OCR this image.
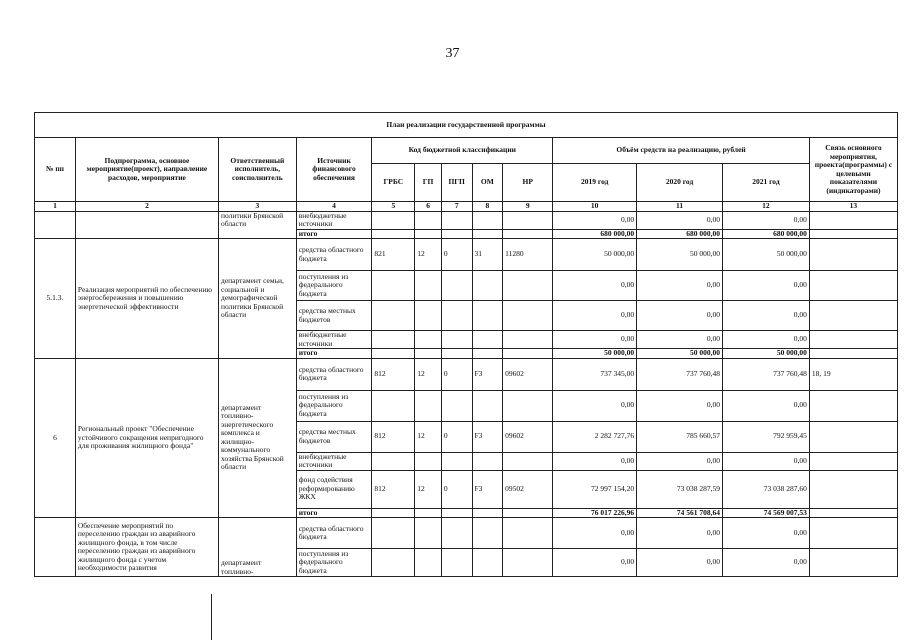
37
План реализации государственной программы												
№ пп	Подпрограмма, основное мероприятие(проект), направление расходов, мероприятие	Ответственный исполнитель, соисполнитель	Источник финансового обеспечения	Код бюджетной классификации					Объём средств на реализацию, рублей			Связь основного мероприятия, проекта(программы) с целевыми показателями (индикаторами)
				ГРБС	ГП	ПГП	ОМ	НР	2019 год	2020 год	2021 год	
1	2	3	4	5	6	7	8	9	10	11	12	13
		политики Брянской области	внебюджетные источники						0,00	0,00	0,00	
			итого						680 000,00	680 000,00	680 000,00	
5.1.3.	Реализация мероприятий по обеспечению энергосбережения и повышению энергетической эффективности	департамент семьи, социальной и демографической политики Брянской области	средства областного бюджета	821	12	0	31	11280	50 000,00	50 000,00	50 000,00	
			поступления из федерального бюджета						0,00	0,00	0,00	
			средства местных бюджетов						0,00	0,00	0,00	
			внебюджетные источники						0,00	0,00	0,00	
			итого						50 000,00	50 000,00	50 000,00	
6	Региональный проект "Обеспечение устойчивого сокращения непригодного для проживания жилищного фонда"	департамент топливно-энергетического комплекса и жилищно-коммунального хозяйства Брянской области	средства областного бюджета	812	12	0	F3	09602	737 345,00	737 760,48	737 760,48	18, 19
			поступления из федерального бюджета						0,00	0,00	0,00	
			средства местных бюджетов	812	12	0	F3	09602	2 282 727,76	785 660,57	792 959,45	
			внебюджетные источники						0,00	0,00	0,00	
			фонд содействия реформированию ЖКХ	812	12	0	F3	09502	72 997 154,20	73 038 287,59	73 038 287,60	
			итого						76 017 226,96	74 561 708,64	74 569 007,53	
	Обеспечение мероприятий по переселению граждан из аварийного жилищного фонда, в том числе переселению граждан из аварийного жилищного фонда с учетом необходимости развития	департамент топливно-	средства областного бюджета						0,00	0,00	0,00	
			поступления из федерального бюджета						0,00	0,00	0,00	
